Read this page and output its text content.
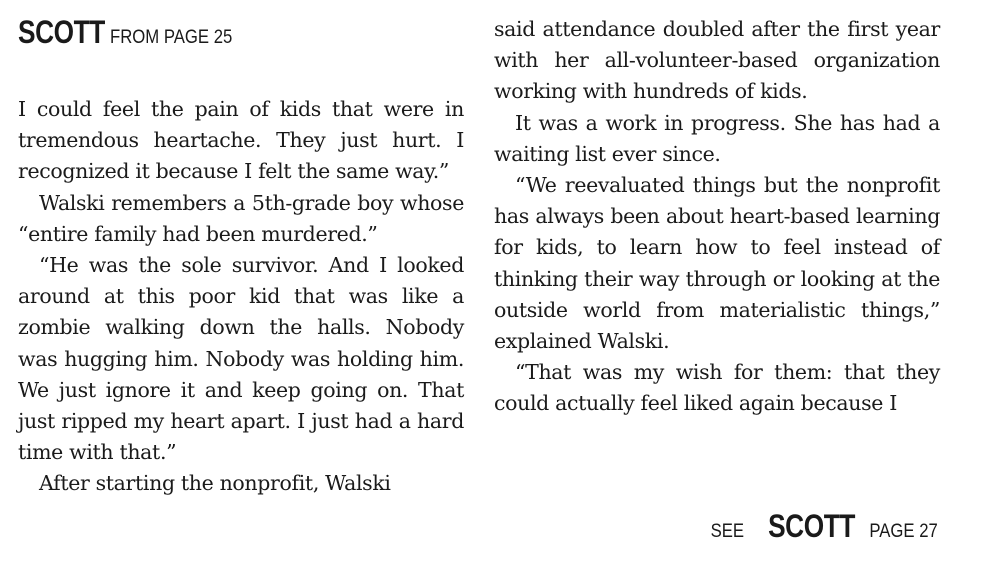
SCOTT FROM PAGE 25

I could feel the pain of kids that were in tremendous heartache. They just hurt. I recognized it because I felt the same way.”

Walski remembers a 5th-grade boy whose “entire family had been murdered.”

“He was the sole survivor. And I looked around at this poor kid that was like a zombie walking down the halls. Nobody was hugging him. Nobody was holding him. We just ignore it and keep going on. That just ripped my heart apart. I just had a hard time with that.”

After starting the nonprofit, Walski

said attendance doubled after the first year with her all-volunteer-based organization working with hundreds of kids.

It was a work in progress. She has had a waiting list ever since.

“We reevaluated things but the nonprofit has always been about heart-based learning for kids, to learn how to feel instead of thinking their way through or looking at the outside world from materialistic things,” explained Walski.

“That was my wish for them: that they could actually feel liked again because I

SEE SCOTT PAGE 27
